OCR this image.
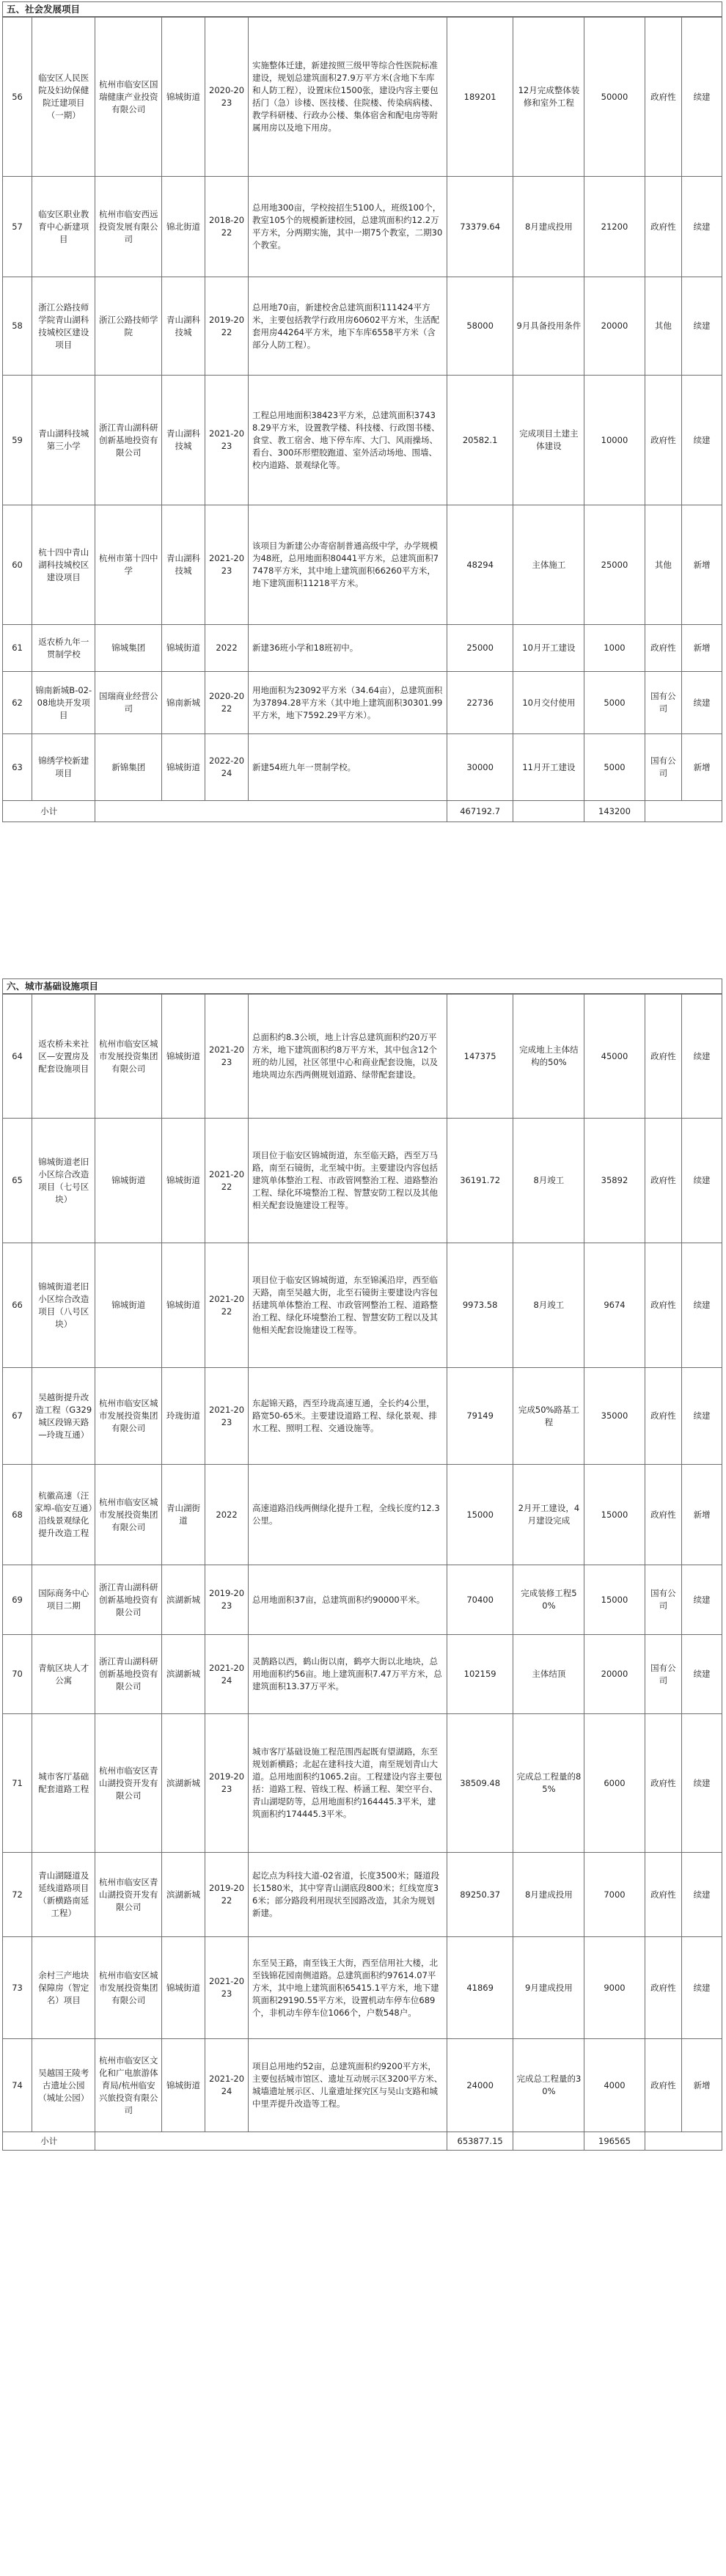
五、社会发展项目
56	临安区人民医院及妇幼保健院迁建项目（一期）	杭州市临安区国瑞健康产业投资有限公司	锦城街道	2020-2023	实施整体迁建，新建按照三级甲等综合性医院标准建设，规划总建筑面积27.9万平方米(含地下车库和人防工程），设置床位1500张，建设内容主要包括门（急）诊楼、医技楼、住院楼、传染病病楼、教学科研楼、行政办公楼、集体宿舍和配电房等附属用房以及地下用房。	189201	12月完成整体装修和室外工程	50000	政府性	续建
57	临安区职业教育中心新建项目	杭州市临安西远投资发展有限公司	锦北街道	2018-2022	总用地300亩，学校按招生5100人，班级100个，教室105个的规模新建校园，总建筑面积约12.2万平方米，分两期实施，其中一期75个教室，二期30个教室。	73379.64	8月建成投用	21200	政府性	续建
58	浙江公路技师学院青山湖科技城校区建设项目	浙江公路技师学院	青山湖科技城	2019-2022	总用地70亩，新建校舍总建筑面积111424平方米，主要包括教学行政用房60602平方米，生活配套用房44264平方米，地下车库6558平方米（含部分人防工程）。	58000	9月具备投用条件	20000	其他	续建
59	青山湖科技城第三小学	浙江青山湖科研创新基地投资有限公司	青山湖科技城	2021-2023	工程总用地面积38423平方米，总建筑面积37438.29平方米，设置教学楼、科技楼、行政图书楼、食堂、教工宿舍、地下停车库、大门、风雨操场、看台、300环形塑胶跑道、室外活动场地、围墙、校内道路、景观绿化等。	20582.1	完成项目土建主体建设	10000	政府性	续建
60	杭十四中青山湖科技城校区建设项目	杭州市第十四中学	青山湖科技城	2021-2023	该项目为新建公办寄宿制普通高级中学，办学规模为48班，总用地面积80441平方米，总建筑面积77478平方米，其中地上建筑面积66260平方米，地下建筑面积11218平方米。	48294	主体施工	25000	其他	新增
61	返农桥九年一贯制学校	锦城集团	锦城街道	2022	新建36班小学和18班初中。	25000	10月开工建设	1000	政府性	新增
62	锦南新城B-02-08地块开发项目	国瑞商业经营公司	锦南新城	2020-2022	用地面积为23092平方米（34.64亩），总建筑面积为37894.28平方米（其中地上建筑面积30301.99平方米，地下7592.29平方米）。	22736	10月交付使用	5000	国有公司	续建
63	锦绣学校新建项目	新锦集团	锦城街道	2022-2024	新建54班九年一贯制学校。	30000	11月开工建设	5000	国有公司	新增
小计						467192.7		143200		
六、城市基础设施项目
64	返农桥未来社区—安置房及配套设施项目	杭州市临安区城市发展投资集团有限公司	锦城街道	2021-2023	总面积约8.3公顷，地上计容总建筑面积约20万平方米，地下建筑面积约8万平方米，其中包含12个班的幼儿园，社区邻里中心和商业配套设施，以及地块周边东西两侧规划道路、绿带配套建设。	147375	完成地上主体结构的50%	45000	政府性	续建
65	锦城街道老旧小区综合改造项目（七号区块）	锦城街道	锦城街道	2021-2022	项目位于临安区锦城街道，东至临天路，西至万马路，南至石镜街，北至城中街。主要建设内容包括建筑单体整治工程、市政管网整治工程、道路整治工程、绿化环境整治工程、智慧安防工程以及其他相关配套设施建设工程等。	36191.72	8月竣工	35892	政府性	续建
66	锦城街道老旧小区综合改造项目（八号区块）	锦城街道	锦城街道	2021-2022	项目位于临安区锦城街道，东至锦溪沿岸，西至临天路，南至吴越大街，北至石镜街主要建设内容包括建筑单体整治工程、市政管网整治工程、道路整治工程、绿化环境整治工程、智慧安防工程以及其他相关配套设施建设工程等。	9973.58	8月竣工	9674	政府性	续建
67	吴越街提升改造工程（G329城区段锦天路—玲珑互通）	杭州市临安区城市发展投资集团有限公司	玲珑街道	2021-2023	东起锦天路，西至玲珑高速互通，全长约4公里，路宽50-65米。主要建设道路工程、绿化景观、排水工程、照明工程、交通设施等。	79149	完成50%路基工程	35000	政府性	续建
68	杭徽高速（汪家埠-临安互通）沿线景观绿化提升改造工程	杭州市临安区城市发展投资集团有限公司	青山湖街道	2022	高速道路沿线两侧绿化提升工程，全线长度约12.3公里。	15000	2月开工建设，4月建设完成	15000	政府性	新增
69	国际商务中心项目二期	浙江青山湖科研创新基地投资有限公司	滨湖新城	2019-2023	总用地面积37亩，总建筑面积约90000平米。	70400	完成装修工程50%	15000	国有公司	续建
70	青航区块人才公寓	浙江青山湖科研创新基地投资有限公司	滨湖新城	2021-2024	灵鹊路以西，鹤山街以南，鹤亭大街以北地块，总用地面积约56亩。地上建筑面积7.47万平方米，总建筑面积13.37万平米。	102159	主体结顶	20000	国有公司	续建
71	城市客厅基础配套道路工程	杭州市临安区青山湖投资开发有限公司	滨湖新城	2019-2023	城市客厅基础设施工程范围西起既有望湖路，东至规划新横路；北起在建科技大道，南至规划青山大道。总用地面积约1065.2亩。工程建设内容主要包括：道路工程、管线工程、桥涵工程、架空平台、青山湖堤防等，总用地面积约164445.3平米，建筑面积约174445.3平米。	38509.48	完成总工程量的85%	6000	政府性	续建
72	青山湖隧道及延线道路项目（新横路南延工程）	杭州市临安区青山湖投资开发有限公司	滨湖新城	2019-2022	起讫点为科技大道-02省道，长度3500米；隧道段长1580米，其中穿青山湖底段800米；红线宽度36米；部分路段利用现状至园路改造，其余为规划新建。	89250.37	8月建成投用	7000	政府性	续建
73	余村三产地块保障房（智定名）项目	杭州市临安区城市发展投资集团有限公司	锦城街道	2021-2023	东至吴王路，南至钱王大街，西至信用社大楼，北至钱锦花园南侧道路。总建筑面积约97614.07平方米，其中地上建筑面积65415.1平方米，地下建筑面积29190.55平方米，设置机动车停车位689个，非机动车停车位1066个，户数548户。	41869	9月建成投用	9000	政府性	续建
74	吴越国王陵考古遗址公园（城址公园）	杭州市临安区文化和广电旅游体育局/杭州临安兴旅投资有限公司	锦城街道	2021-2024	项目总用地约52亩，总建筑面积约9200平方米，主要包括城市馆区、遗址互动展示区3200平方米、城墙遗址展示区、儿童遗址探究区与吴山支路和城中里弄提升改造等工程。	24000	完成总工程量的30%	4000	政府性	新增
小计						653877.15		196565		
